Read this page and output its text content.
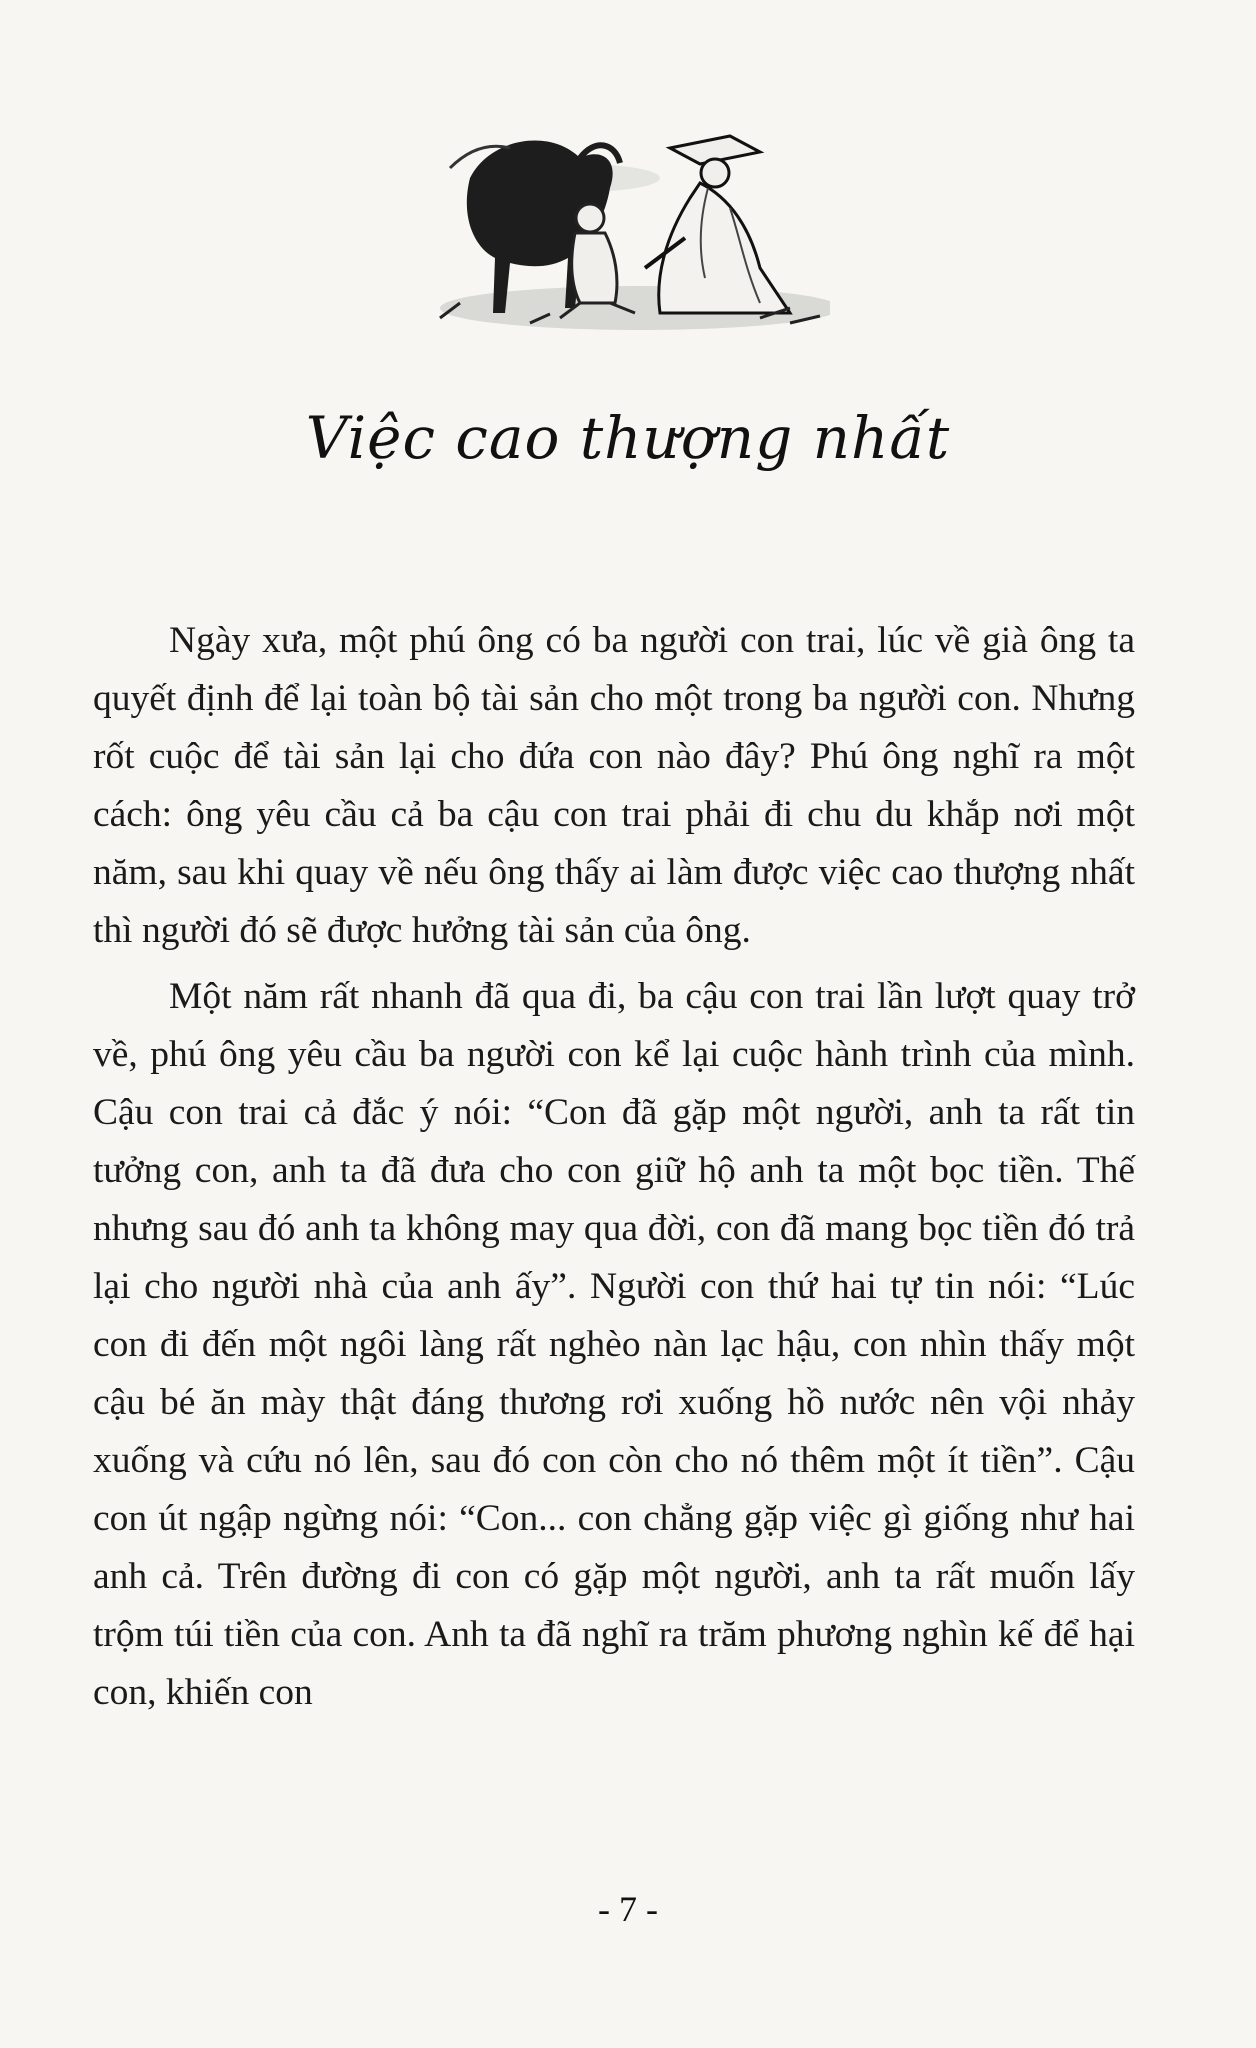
Việc cao thượng nhất

Ngày xưa, một phú ông có ba người con trai, lúc về già ông ta quyết định để lại toàn bộ tài sản cho một trong ba người con. Nhưng rốt cuộc để tài sản lại cho đứa con nào đây? Phú ông nghĩ ra một cách: ông yêu cầu cả ba cậu con trai phải đi chu du khắp nơi một năm, sau khi quay về nếu ông thấy ai làm được việc cao thượng nhất thì người đó sẽ được hưởng tài sản của ông.

Một năm rất nhanh đã qua đi, ba cậu con trai lần lượt quay trở về, phú ông yêu cầu ba người con kể lại cuộc hành trình của mình. Cậu con trai cả đắc ý nói: “Con đã gặp một người, anh ta rất tin tưởng con, anh ta đã đưa cho con giữ hộ anh ta một bọc tiền. Thế nhưng sau đó anh ta không may qua đời, con đã mang bọc tiền đó trả lại cho người nhà của anh ấy”. Người con thứ hai tự tin nói: “Lúc con đi đến một ngôi làng rất nghèo nàn lạc hậu, con nhìn thấy một cậu bé ăn mày thật đáng thương rơi xuống hồ nước nên vội nhảy xuống và cứu nó lên, sau đó con còn cho nó thêm một ít tiền”. Cậu con út ngập ngừng nói: “Con... con chẳng gặp việc gì giống như hai anh cả. Trên đường đi con có gặp một người, anh ta rất muốn lấy trộm túi tiền của con. Anh ta đã nghĩ ra trăm phương nghìn kế để hại con, khiến con

- 7 -
